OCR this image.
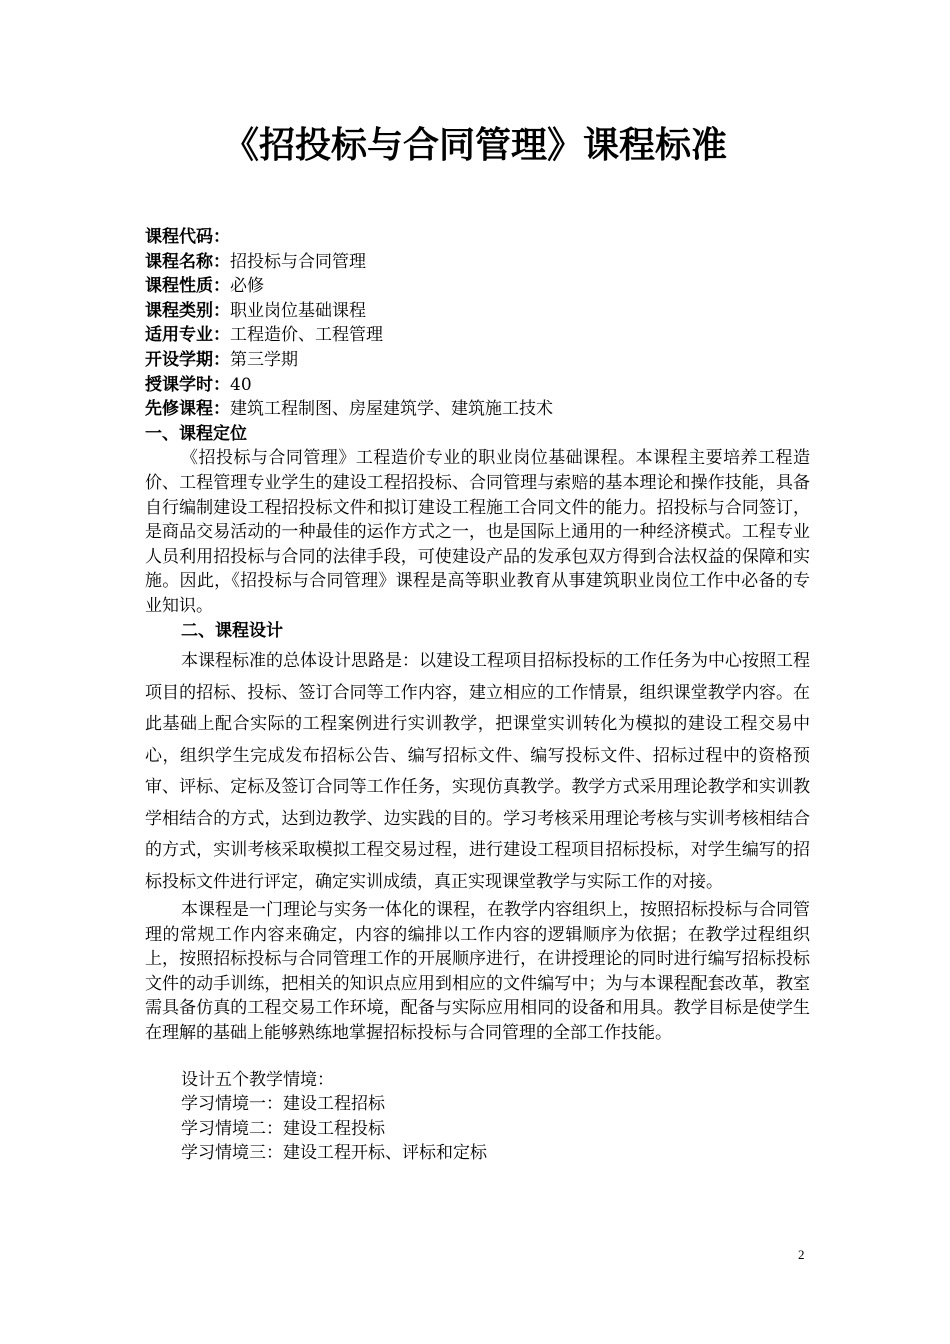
《招投标与合同管理》课程标准
课程代码：
课程名称：招投标与合同管理
课程性质：必修
课程类别：职业岗位基础课程
适用专业：工程造价、工程管理
开设学期：第三学期
授课学时：40
先修课程：建筑工程制图、房屋建筑学、建筑施工技术
一、课程定位
《招投标与合同管理》工程造价专业的职业岗位基础课程。本课程主要培养工程造价、工程管理专业学生的建设工程招投标、合同管理与索赔的基本理论和操作技能，具备自行编制建设工程招投标文件和拟订建设工程施工合同文件的能力。招投标与合同签订，是商品交易活动的一种最佳的运作方式之一，也是国际上通用的一种经济模式。工程专业人员利用招投标与合同的法律手段，可使建设产品的发承包双方得到合法权益的保障和实施。因此，《招投标与合同管理》课程是高等职业教育从事建筑职业岗位工作中必备的专业知识。
二、课程设计
本课程标准的总体设计思路是：以建设工程项目招标投标的工作任务为中心按照工程项目的招标、投标、签订合同等工作内容，建立相应的工作情景，组织课堂教学内容。在此基础上配合实际的工程案例进行实训教学，把课堂实训转化为模拟的建设工程交易中心，组织学生完成发布招标公告、编写招标文件、编写投标文件、招标过程中的资格预审、评标、定标及签订合同等工作任务，实现仿真教学。教学方式采用理论教学和实训教学相结合的方式，达到边教学、边实践的目的。学习考核采用理论考核与实训考核相结合的方式，实训考核采取模拟工程交易过程，进行建设工程项目招标投标，对学生编写的招标投标文件进行评定，确定实训成绩，真正实现课堂教学与实际工作的对接。
本课程是一门理论与实务一体化的课程，在教学内容组织上，按照招标投标与合同管理的常规工作内容来确定，内容的编排以工作内容的逻辑顺序为依据；在教学过程组织上，按照招标投标与合同管理工作的开展顺序进行，在讲授理论的同时进行编写招标投标文件的动手训练，把相关的知识点应用到相应的文件编写中；为与本课程配套改革，教室需具备仿真的工程交易工作环境，配备与实际应用相同的设备和用具。教学目标是使学生在理解的基础上能够熟练地掌握招标投标与合同管理的全部工作技能。
设计五个教学情境：
学习情境一：建设工程招标
学习情境二：建设工程投标
学习情境三：建设工程开标、评标和定标
2
